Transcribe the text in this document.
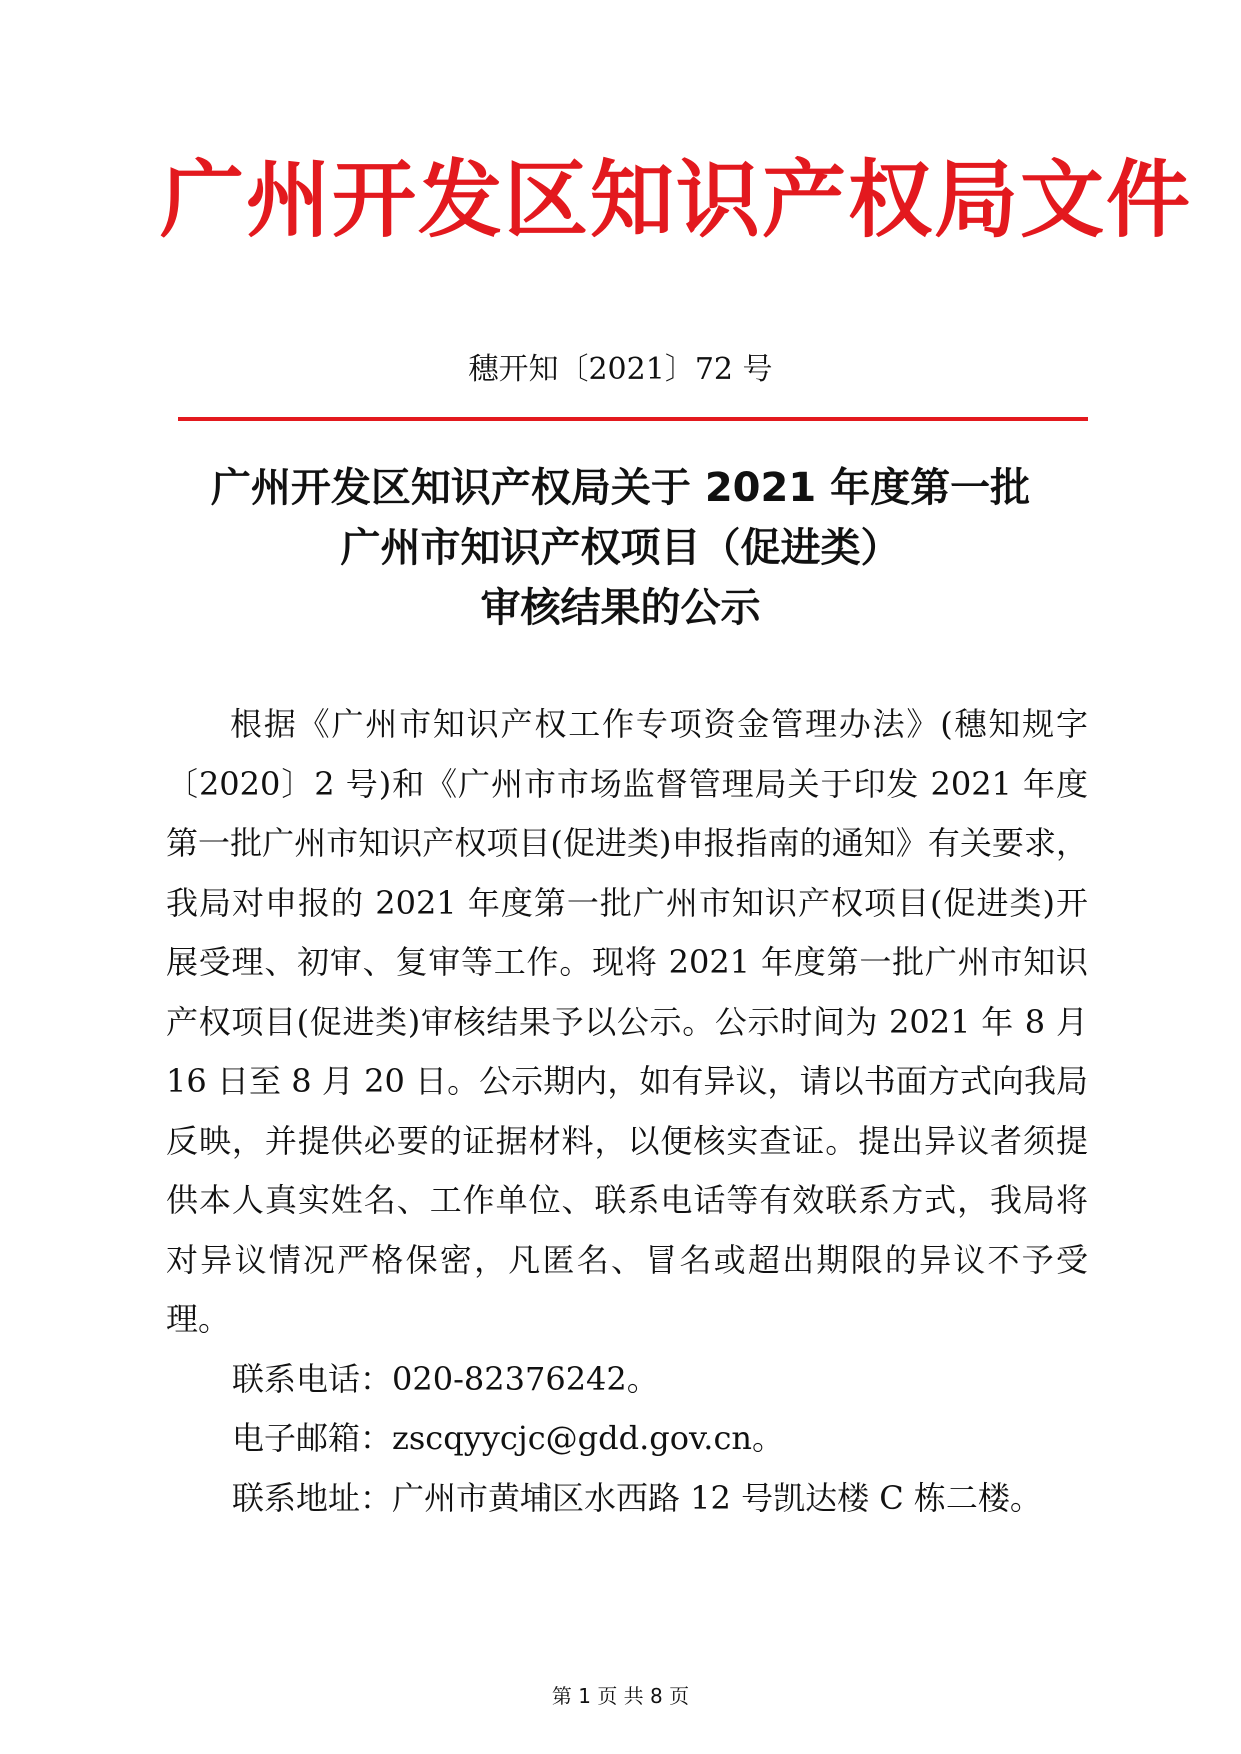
广州开发区知识产权局文件
穗开知〔2021〕72 号
广州开发区知识产权局关于 2021 年度第一批
广州市知识产权项目（促进类）
审核结果的公示

根据《广州市知识产权工作专项资金管理办法》(穗知规字〔2020〕2 号)和《广州市市场监督管理局关于印发 2021 年度第一批广州市知识产权项目(促进类)申报指南的通知》有关要求，我局对申报的 2021 年度第一批广州市知识产权项目(促进类)开展受理、初审、复审等工作。现将 2021 年度第一批广州市知识产权项目(促进类)审核结果予以公示。公示时间为 2021 年 8 月 16 日至 8 月 20 日。公示期内，如有异议，请以书面方式向我局反映，并提供必要的证据材料，以便核实查证。提出异议者须提供本人真实姓名、工作单位、联系电话等有效联系方式，我局将对异议情况严格保密，凡匿名、冒名或超出期限的异议不予受理。

联系电话：020-82376242。
电子邮箱：zscqyycjc@gdd.gov.cn。
联系地址：广州市黄埔区水西路 12 号凯达楼 C 栋二楼。
第 1 页 共 8 页
